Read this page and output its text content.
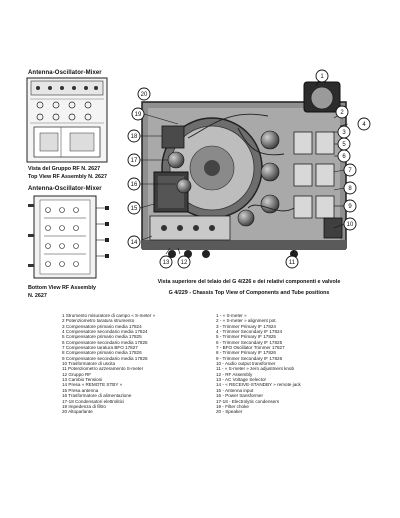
Antenna-Oscillator-Mixer
Vista del Gruppo RF N. 2627
Top View RF Assembly N. 2627
Antenna-Oscillator-Mixer
Bottom View RF Assembly
N. 2627
1
2
3
4
5
6
7
8
9
10
11
12
13
14
15
16
17
18
19
20
Vista superiore del telaio del G 4/226 e dei relativi componenti e valvole
G 4/229 - Chassis Top View of Components and Tube positions
1 Strumento misuratore di campo « S-meter »
2 Potenziometro taratura strumento
3 Compensatore primario media 17824
4 Compensatore secondario media 17824
5 Compensatore primario media 17825
6 Compensatore secondario media 17825
7 Compensatore taratura BFO 17827
8 Compensatore primario media 17826
9 Compensatore secondario media 17826
10 Trasformatore di uscita
11 Potenziometro azzeramento S-meter
12 Gruppo RF
13 Cambio Tensioni
14 Presa « REMOTE STBY »
15 Presa antenna
16 Trasformatore di alimentazione
17-18 Condensatori elettrolitici
19 Impedenza di filtro
20 Altoparlante
1 - « S-meter »
2 - « S-meter » alignment pot.
3 - Trimmer Primary IF 17824
4 - Trimmer Secondary IF 17824
5 - Trimmer Primary IF 17825
6 - Trimmer Secondary IF 17825
7 - BFO Oscillator Trimmer 17827
8 - Trimmer Primary IF 17826
9 - Trimmer Secondary IF 17826
10 - Audio output transformer
11 - « S-meter » zero adjustment knob
12 - RF Assembly
13 - AC Voltage Selector
14 - « RECEIVE-STANDBY » remote jack
15 - Antenna input
16 - Power transformer
17-18 - Electrolytic condensers
19 - Filter choke
20 - Speaker
